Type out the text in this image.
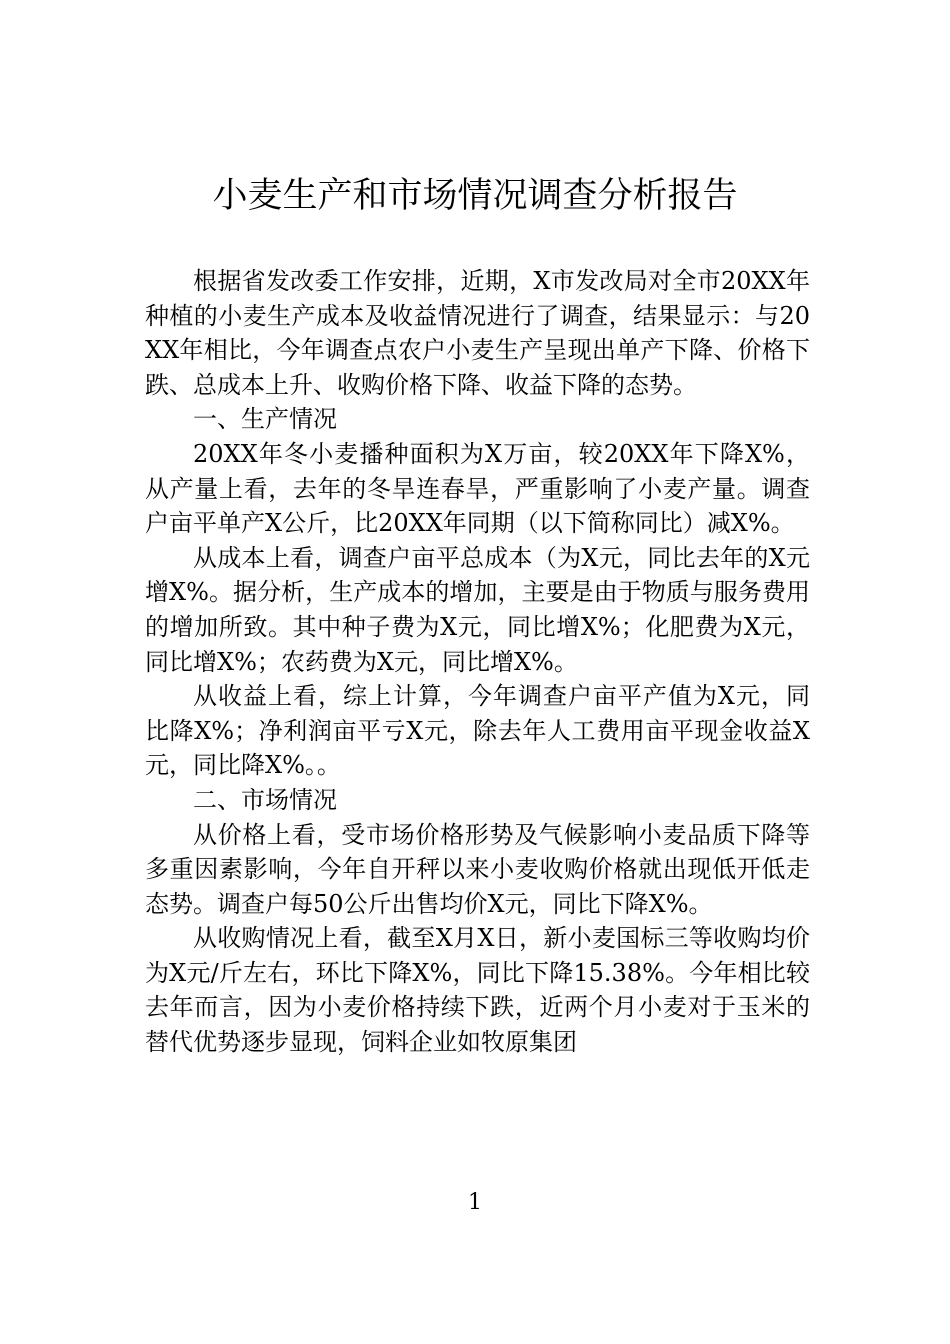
小麦生产和市场情况调查分析报告

根据省发改委工作安排，近期，X市发改局对全市20XX年种植的小麦生产成本及收益情况进行了调查，结果显示：与20XX年相比，今年调查点农户小麦生产呈现出单产下降、价格下跌、总成本上升、收购价格下降、收益下降的态势。

一、生产情况

20XX年冬小麦播种面积为X万亩，较20XX年下降X%，从产量上看，去年的冬旱连春旱，严重影响了小麦产量。调查户亩平单产X公斤，比20XX年同期（以下简称同比）减X%。

从成本上看，调查户亩平总成本（为X元，同比去年的X元增X%。据分析，生产成本的增加，主要是由于物质与服务费用的增加所致。其中种子费为X元，同比增X%；化肥费为X元，同比增X%；农药费为X元，同比增X%。

从收益上看，综上计算，今年调查户亩平产值为X元，同比降X%；净利润亩平亏X元，除去年人工费用亩平现金收益X元，同比降X%。。

二、市场情况

从价格上看，受市场价格形势及气候影响小麦品质下降等多重因素影响，今年自开秤以来小麦收购价格就出现低开低走态势。调查户每50公斤出售均价X元，同比下降X%。

从收购情况上看，截至X月X日，新小麦国标三等收购均价为X元/斤左右，环比下降X%，同比下降15.38%。今年相比较去年而言，因为小麦价格持续下跌，近两个月小麦对于玉米的替代优势逐步显现，饲料企业如牧原集团

1
